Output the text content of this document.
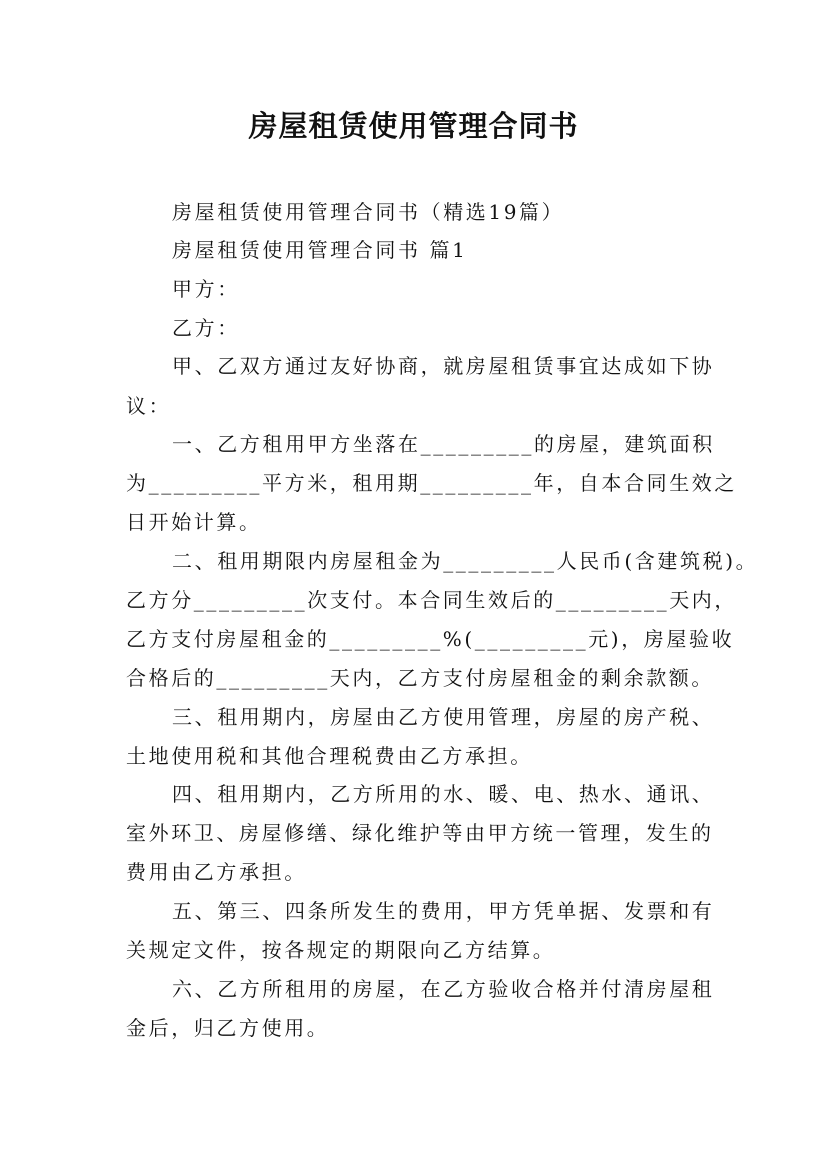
房屋租赁使用管理合同书
房屋租赁使用管理合同书（精选19篇）
房屋租赁使用管理合同书 篇1
甲方：
乙方：
甲、乙双方通过友好协商，就房屋租赁事宜达成如下协
议：
一、乙方租用甲方坐落在_________的房屋，建筑面积
为_________平方米，租用期_________年，自本合同生效之
日开始计算。
二、租用期限内房屋租金为_________人民币(含建筑税)。
乙方分_________次支付。本合同生效后的_________天内，
乙方支付房屋租金的_________%(_________元)，房屋验收
合格后的_________天内，乙方支付房屋租金的剩余款额。
三、租用期内，房屋由乙方使用管理，房屋的房产税、
土地使用税和其他合理税费由乙方承担。
四、租用期内，乙方所用的水、暖、电、热水、通讯、
室外环卫、房屋修缮、绿化维护等由甲方统一管理，发生的
费用由乙方承担。
五、第三、四条所发生的费用，甲方凭单据、发票和有
关规定文件，按各规定的期限向乙方结算。
六、乙方所租用的房屋，在乙方验收合格并付清房屋租
金后，归乙方使用。
